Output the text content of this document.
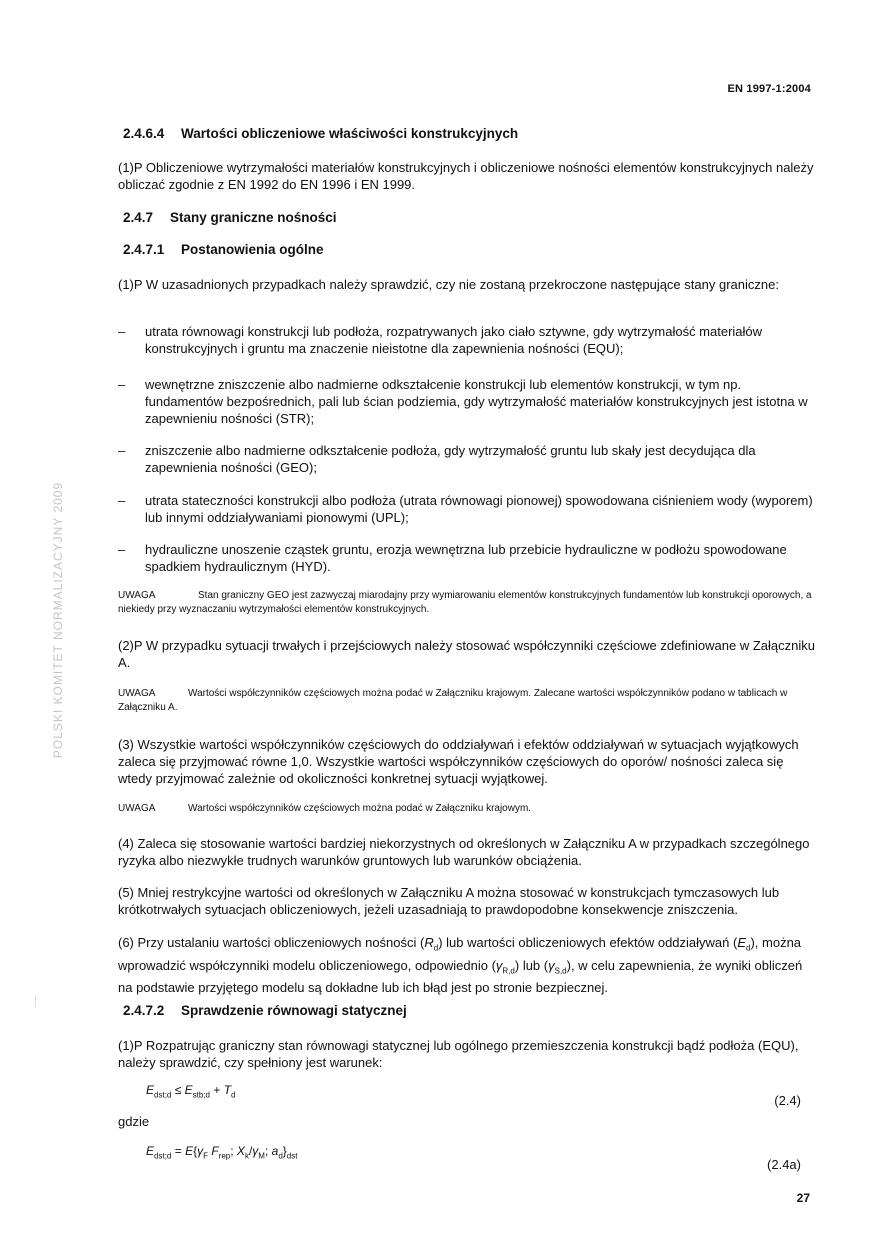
EN 1997-1:2004
POLSKI KOMITET NORMALIZACYJNY 2009
2.4.6.4 Wartości obliczeniowe właściwości konstrukcyjnych
(1)P Obliczeniowe wytrzymałości materiałów konstrukcyjnych i obliczeniowe nośności elementów konstrukcyjnych należy obliczać zgodnie z EN 1992 do EN 1996 i EN 1999.
2.4.7 Stany graniczne nośności
2.4.7.1 Postanowienia ogólne
(1)P W uzasadnionych przypadkach należy sprawdzić, czy nie zostaną przekroczone następujące stany graniczne:
– utrata równowagi konstrukcji lub podłoża, rozpatrywanych jako ciało sztywne, gdy wytrzymałość materiałów konstrukcyjnych i gruntu ma znaczenie nieistotne dla zapewnienia nośności (EQU);
– wewnętrzne zniszczenie albo nadmierne odkształcenie konstrukcji lub elementów konstrukcji, w tym np. fundamentów bezpośrednich, pali lub ścian podziemia, gdy wytrzymałość materiałów konstrukcyjnych jest istotna w zapewnieniu nośności (STR);
– zniszczenie albo nadmierne odkształcenie podłoża, gdy wytrzymałość gruntu lub skały jest decydująca dla zapewnienia nośności (GEO);
– utrata stateczności konstrukcji albo podłoża (utrata równowagi pionowej) spowodowana ciśnieniem wody (wyporem) lub innymi oddziaływaniami pionowymi (UPL);
– hydrauliczne unoszenie cząstek gruntu, erozja wewnętrzna lub przebicie hydrauliczne w podłożu spowodowane spadkiem hydraulicznym (HYD).
UWAGA	Stan graniczny GEO jest zazwyczaj miarodajny przy wymiarowaniu elementów konstrukcyjnych fundamentów lub konstrukcji oporowych, a niekiedy przy wyznaczaniu wytrzymałości elementów konstrukcyjnych.
(2)P W przypadku sytuacji trwałych i przejściowych należy stosować współczynniki częściowe zdefiniowane w Załączniku A.
UWAGA	Wartości współczynników częściowych można podać w Załączniku krajowym. Zalecane wartości współczynników podano w tablicach w Załączniku A.
(3) Wszystkie wartości współczynników częściowych do oddziaływań i efektów oddziaływań w sytuacjach wyjątkowych zaleca się przyjmować równe 1,0. Wszystkie wartości współczynników częściowych do oporów/ nośności zaleca się wtedy przyjmować zależnie od okoliczności konkretnej sytuacji wyjątkowej.
UWAGA	Wartości współczynników częściowych można podać w Załączniku krajowym.
(4) Zaleca się stosowanie wartości bardziej niekorzystnych od określonych w Załączniku A w przypadkach szczególnego ryzyka albo niezwykłe trudnych warunków gruntowych lub warunków obciążenia.
(5) Mniej restrykcyjne wartości od określonych w Załączniku A można stosować w konstrukcjach tymczasowych lub krótkotrwałych sytuacjach obliczeniowych, jeżeli uzasadniają to prawdopodobne konsekwencje zniszczenia.
(6) Przy ustalaniu wartości obliczeniowych nośności $(R_d)$ lub wartości obliczeniowych efektów oddziaływań $(E_d)$, można wprowadzić współczynniki modelu obliczeniowego, odpowiednio $(\gamma_{R,d})$ lub $(\gamma_{S,d})$, w celu zapewnienia, że wyniki obliczeń na podstawie przyjętego modelu są dokładne lub ich błąd jest po stronie bezpiecznej.
2.4.7.2 Sprawdzenie równowagi statycznej
(1)P Rozpatrując graniczny stan równowagi statycznej lub ogólnego przemieszczenia konstrukcji bądź podłoża (EQU), należy sprawdzić, czy spełniony jest warunek:
$E_{dst;d} \le E_{stb;d} + T_d$	(2.4)
gdzie
$E_{dst;d} = E\{\gamma_F$ $F_{rep}$; $X_k/\gamma_M$; $a_d\}_{dst}$
(2.4a)
27
